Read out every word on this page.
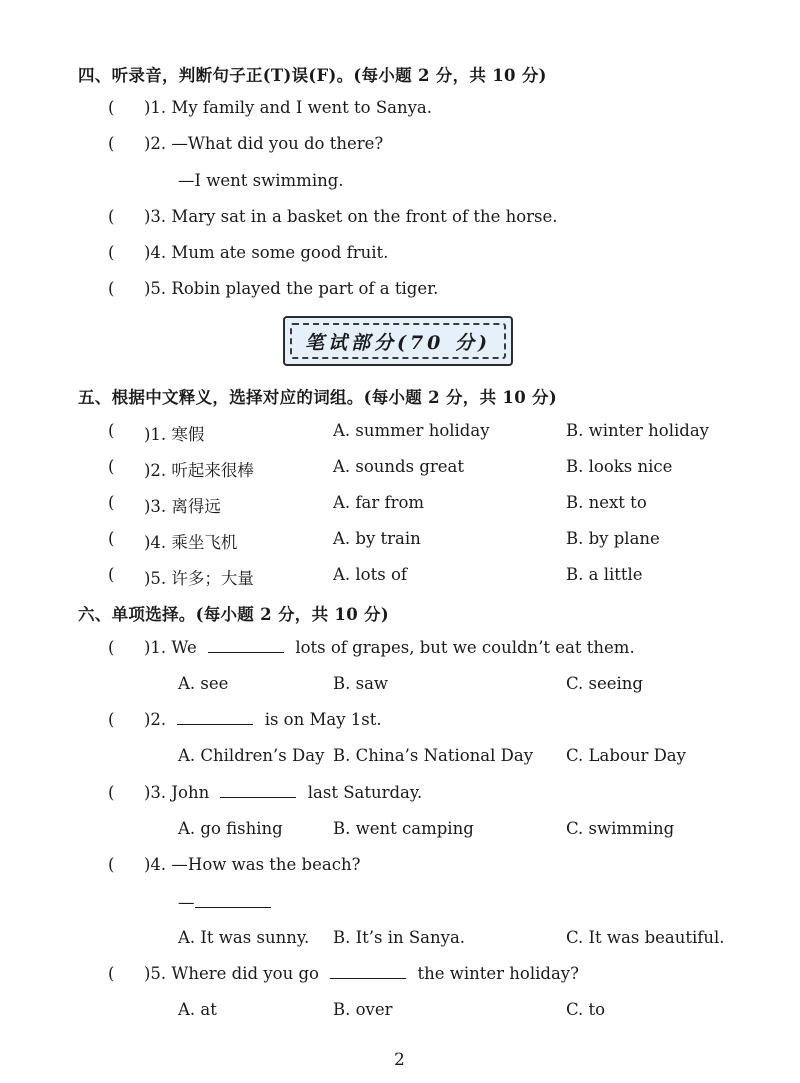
四、听录音，判断句子正(T)误(F)。(每小题 2 分，共 10 分)
( )1. My family and I went to Sanya.
( )2. —What did you do there?
—I went swimming.
( )3. Mary sat in a basket on the front of the horse.
( )4. Mum ate some good fruit.
( )5. Robin played the part of a tiger.
笔试部分(70 分)
五、根据中文释义，选择对应的词组。(每小题 2 分，共 10 分)
( )1. 寒假	A. summer holiday	B. winter holiday
( )2. 听起来很棒	A. sounds great	B. looks nice
( )3. 离得远	A. far from	B. next to
( )4. 乘坐飞机	A. by train	B. by plane
( )5. 许多；大量	A. lots of	B. a little
六、单项选择。(每小题 2 分，共 10 分)
( )1. We	lots of grapes, but we couldn’t eat them.
A. see	B. saw	C. seeing
( )2.	is on May 1st.
A. Children’s Day B. China’s National Day C. Labour Day
( )3. John	last Saturday.
A. go fishing	B. went camping	C. swimming
( )4. —How was the beach?
—
A. It was sunny. B. It’s in Sanya.	C. It was beautiful.
( )5. Where did you go	the winter holiday?
A. at	B. over	C. to
2
